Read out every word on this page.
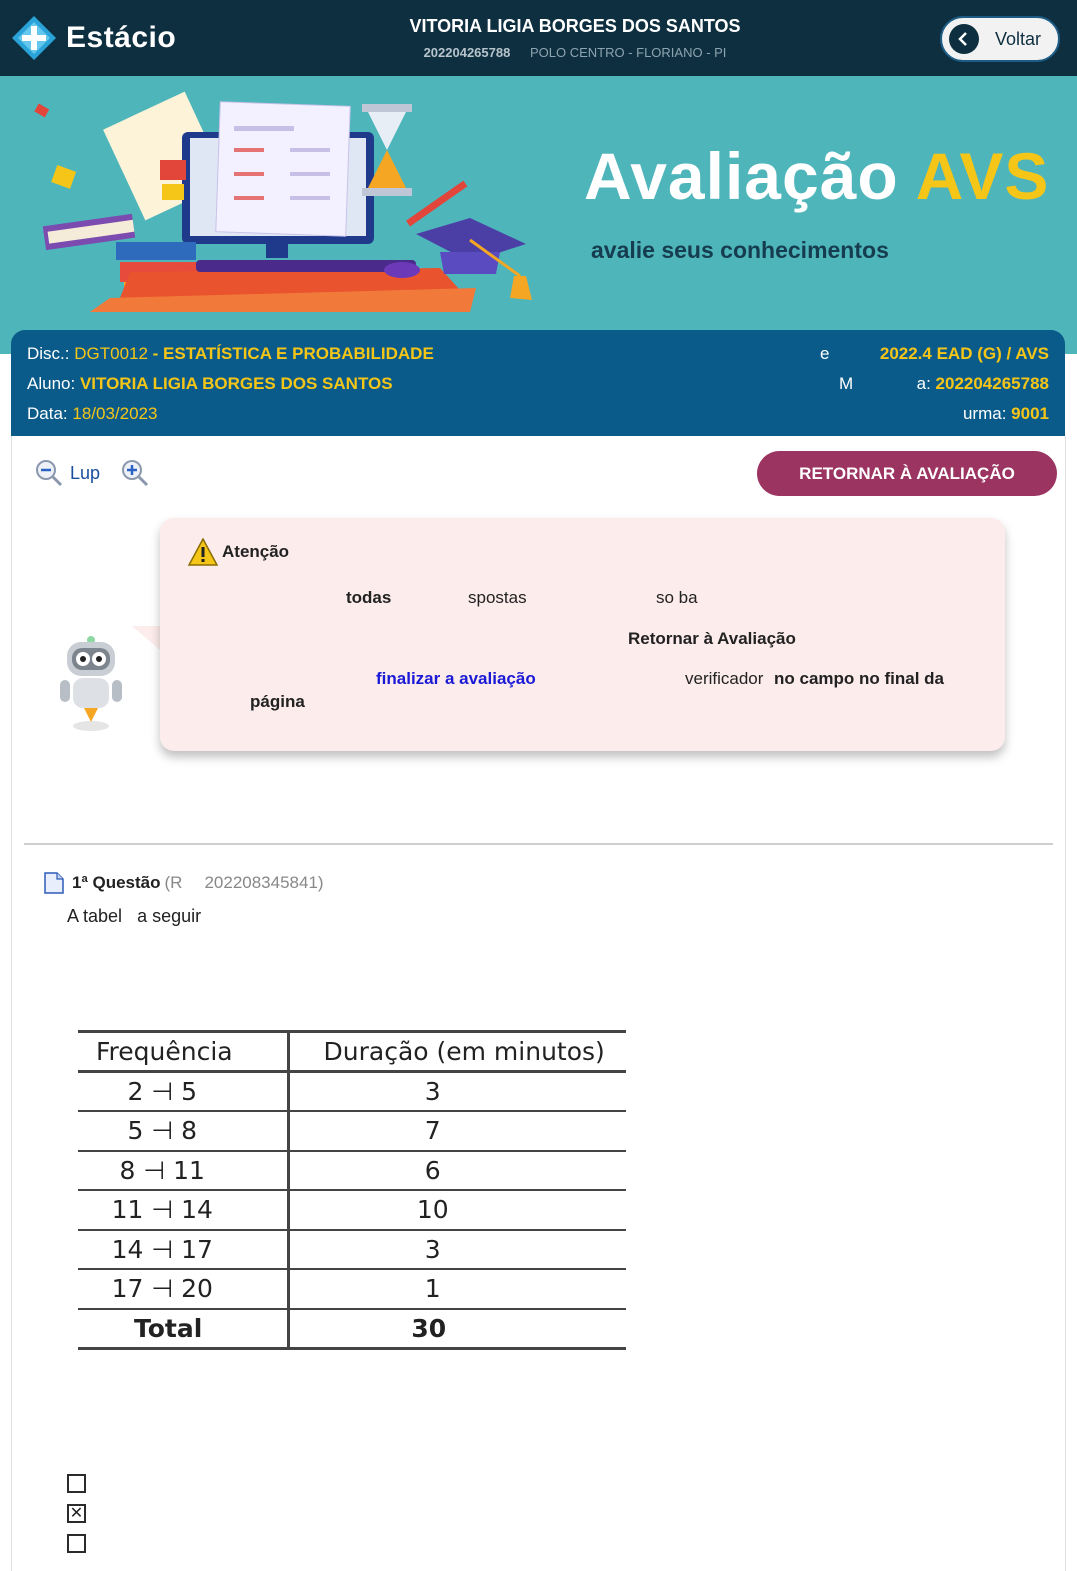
Estácio	VITORIA LIGIA BORGES DOS SANTOS
202204265788 POLO CENTRO - FLORIANO - PI
Voltar
Avaliação AVS
avalie seus conhecimentos
Disc.: DGT0012 - ESTATÍSTICA E PROBABILIDADE
Aluno: VITORIA LIGIA BORGES DOS SANTOS
Data: 18/03/2023
e
M
2022.4 EAD (G) / AVS
a: 202204265788
urma: 9001
Lup	RETORNAR À AVALIAÇÃO
Atenção
todas	spostas	so ba
Retornar à Avaliação
finalizar a avaliação	verificador no campo no final da
página
1ª Questão (R 202208345841)
A tabel a seguir
Frequência	Duração (em minutos)
2 ⊣ 5	3
5 ⊣ 8	7
8 ⊣ 11	6
11 ⊣ 14	10
14 ⊣ 17	3
17 ⊣ 20	1
Total	30
✕
